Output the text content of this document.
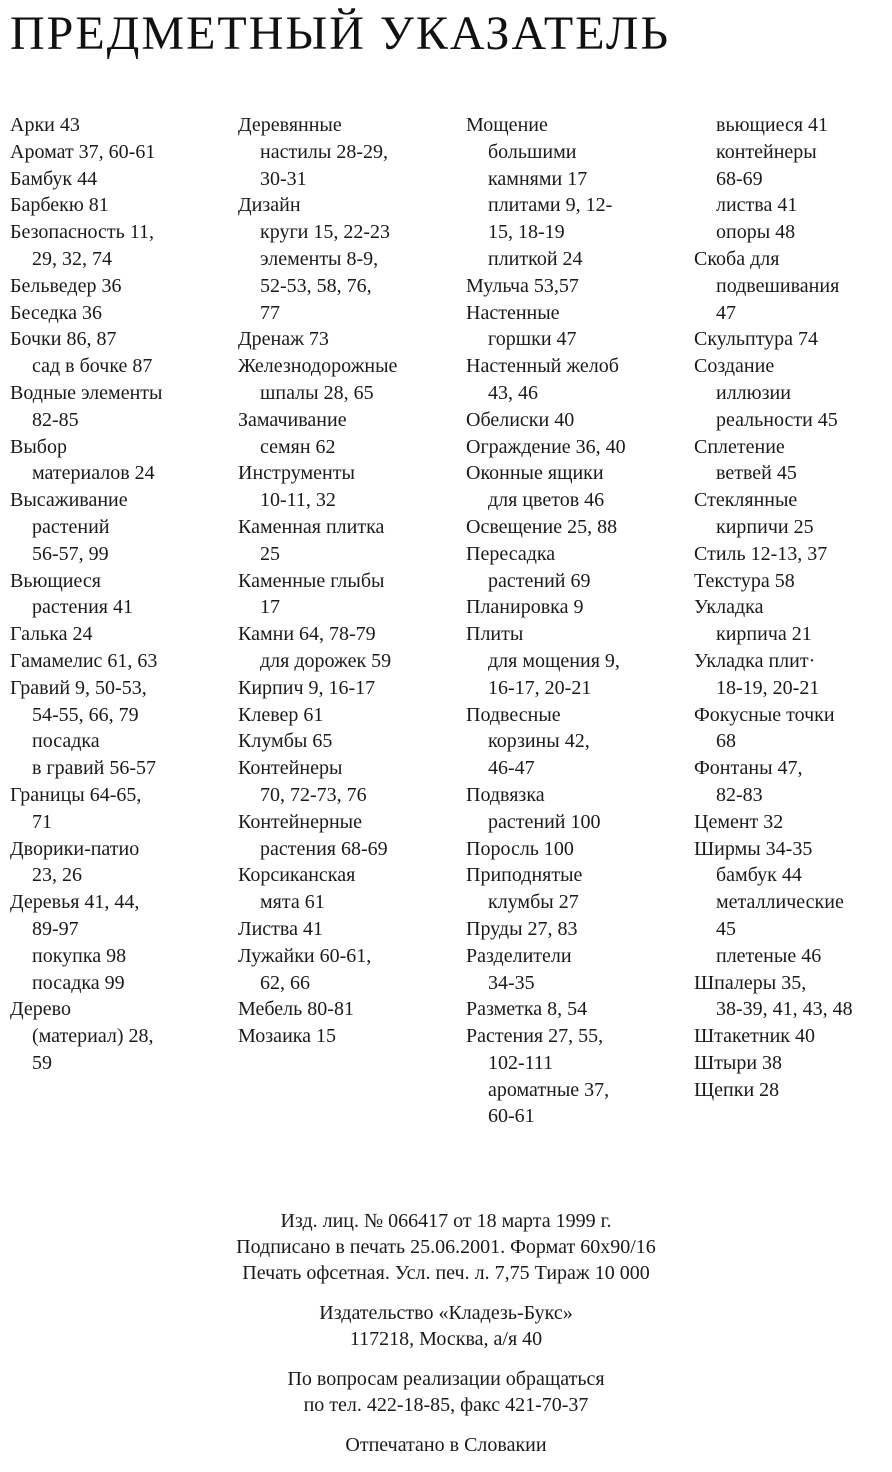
ПРЕДМЕТНЫЙ УКАЗАТЕЛЬ
Арки 43
Аромат 37, 60-61
Бамбук 44
Барбекю 81
Безопасность 11,
29, 32, 74
Бельведер 36
Беседка 36
Бочки 86, 87
сад в бочке 87
Водные элементы
82-85
Выбор
материалов 24
Высаживание
растений
56-57, 99
Вьющиеся
растения 41
Галька 24
Гамамелис 61, 63
Гравий 9, 50-53,
54-55, 66, 79
посадка
в гравий 56-57
Границы 64-65,
71
Дворики-патио
23, 26
Деревья 41, 44,
89-97
покупка 98
посадка 99
Дерево
(материал) 28,
59
Деревянные
настилы 28-29,
30-31
Дизайн
круги 15, 22-23
элементы 8-9,
52-53, 58, 76,
77
Дренаж 73
Железнодорожные
шпалы 28, 65
Замачивание
семян 62
Инструменты
10-11, 32
Каменная плитка
25
Каменные глыбы
17
Камни 64, 78-79
для дорожек 59
Кирпич 9, 16-17
Клевер 61
Клумбы 65
Контейнеры
70, 72-73, 76
Контейнерные
растения 68-69
Корсиканская
мята 61
Листва 41
Лужайки 60-61,
62, 66
Мебель 80-81
Мозаика 15
Мощение
большими
камнями 17
плитами 9, 12-
15, 18-19
плиткой 24
Мульча 53,57
Настенные
горшки 47
Настенный желоб
43, 46
Обелиски 40
Ограждение 36, 40
Оконные ящики
для цветов 46
Освещение 25, 88
Пересадка
растений 69
Планировка 9
Плиты
для мощения 9,
16-17, 20-21
Подвесные
корзины 42,
46-47
Подвязка
растений 100
Поросль 100
Приподнятые
клумбы 27
Пруды 27, 83
Разделители
34-35
Разметка 8, 54
Растения 27, 55,
102-111
ароматные 37,
60-61
вьющиеся 41
контейнеры
68-69
листва 41
опоры 48
Скоба для
подвешивания
47
Скульптура 74
Создание
иллюзии
реальности 45
Сплетение
ветвей 45
Стеклянные
кирпичи 25
Стиль 12-13, 37
Текстура 58
Укладка
кирпича 21
Укладка плит·
18-19, 20-21
Фокусные точки
68
Фонтаны 47,
82-83
Цемент 32
Ширмы 34-35
бамбук 44
металлические
45
плетеные 46
Шпалеры 35,
38-39, 41, 43, 48
Штакетник 40
Штыри 38
Щепки 28
Изд. лиц. № 066417 от 18 марта 1999 г.
Подписано в печать 25.06.2001. Формат 60х90/16
Печать офсетная. Усл. печ. л. 7,75 Тираж 10 000
Издательство «Кладезь-Букс»
117218, Москва, а/я 40
По вопросам реализации обращаться
по тел. 422-18-85, факс 421-70-37
Отпечатано в Словакии
